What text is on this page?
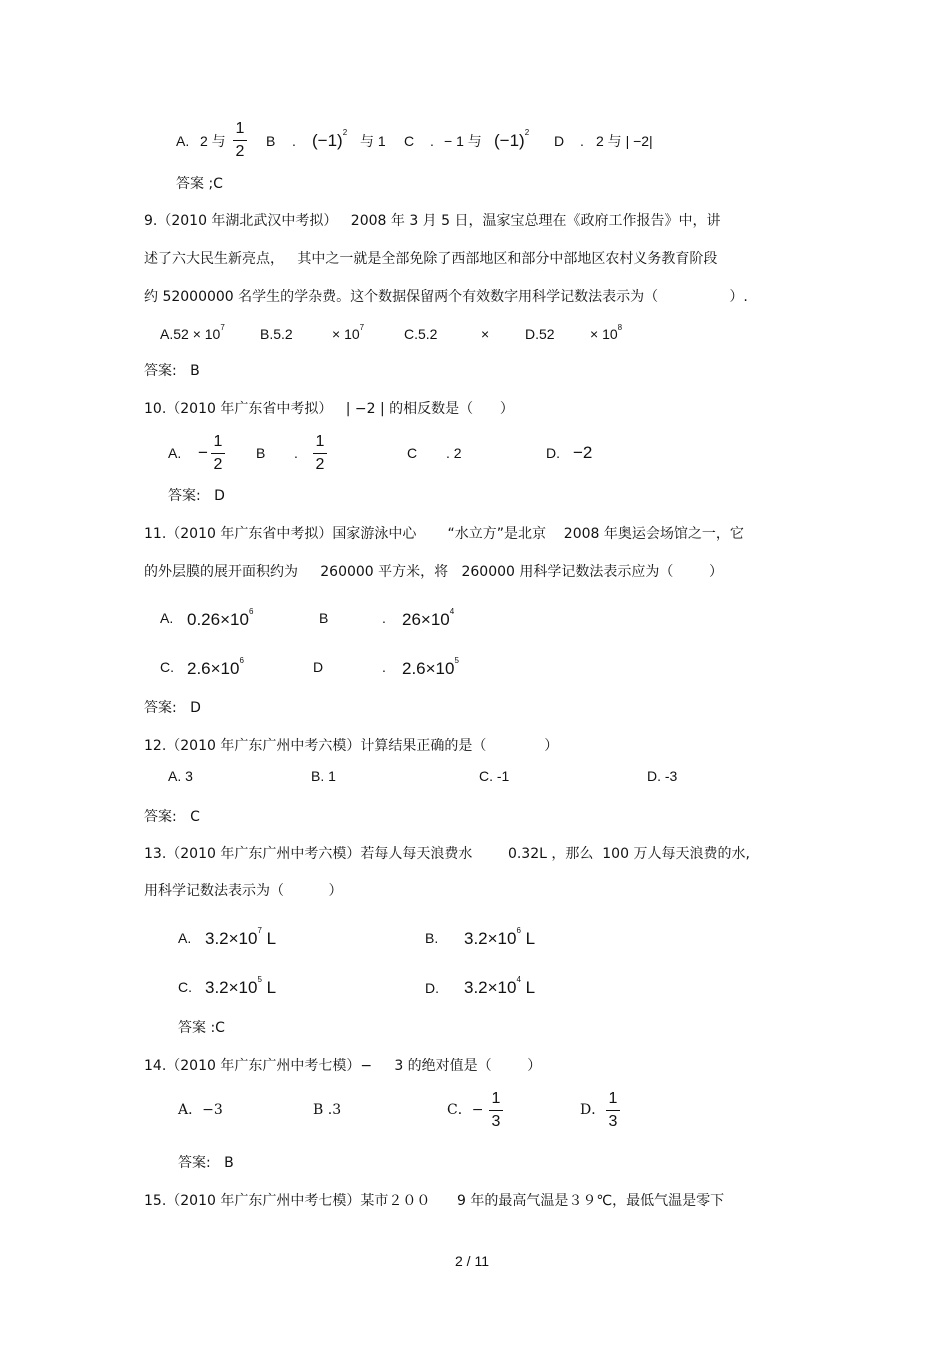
A. 2 与
1
2
B . $(-1)^2$
与 1 C . − 1 与 $(-1)^2$
D . 2 与 | −2|
答案 ;C
9.（2010 年湖北武汉中考拟）   2008 年 3 月 5 日，温家宝总理在《政府工作报告》中，讲
述了六大民生新亮点，   其中之一就是全部免除了西部地区和部分中部地区农村义务教育阶段
约 52000000 名学生的学杂费。这个数据保留两个有效数字用科学记数法表示为（                ）.
$A.52 \times 10^7$	B.5.2	× $10^7$	C.5.2	×	D.52	× $10^8$
答案:   B
10.（2010 年广东省中考拟）   | −2 | 的相反数是（      ）
A. −
1
2
B .
1
2
C . 2	D. −2
答案:   D
11.（2010 年广东省中考拟）国家游泳中心       “水立方”是北京    2008 年奥运会场馆之一，它
的外层膜的展开面积约为     260000 平方米，将   260000 用科学记数法表示应为（        ）
A. $0.26\times 10^6$	B	. $26\times 10^4$
C. $2.6\times 10^6$	D	. $2.6\times 10^5$
答案:   D
12.（2010 年广东广州中考六模）计算结果正确的是（             ）
A. 3	B. 1	C. -1	D. -3
答案:   C
13.（2010 年广东广州中考六模）若每人每天浪费水        0.32L ，那么  100 万人每天浪费的水,
用科学记数法表示为（          ）
A. $3.2\times 10^7$ L	B. $3.2\times 10^6$ L
C. $3.2\times 10^5$ L	D. $3.2\times 10^4$ L
答案 :C
14.（2010 年广东广州中考七模）−     3 的绝对值是（        ）
A．−3	B .3	C．−
1
3
D．
1
3
答案:   B
15.（2010 年广东广州中考七模）某市２００      9 年的最高气温是３９℃，最低气温是零下
2 / 11
